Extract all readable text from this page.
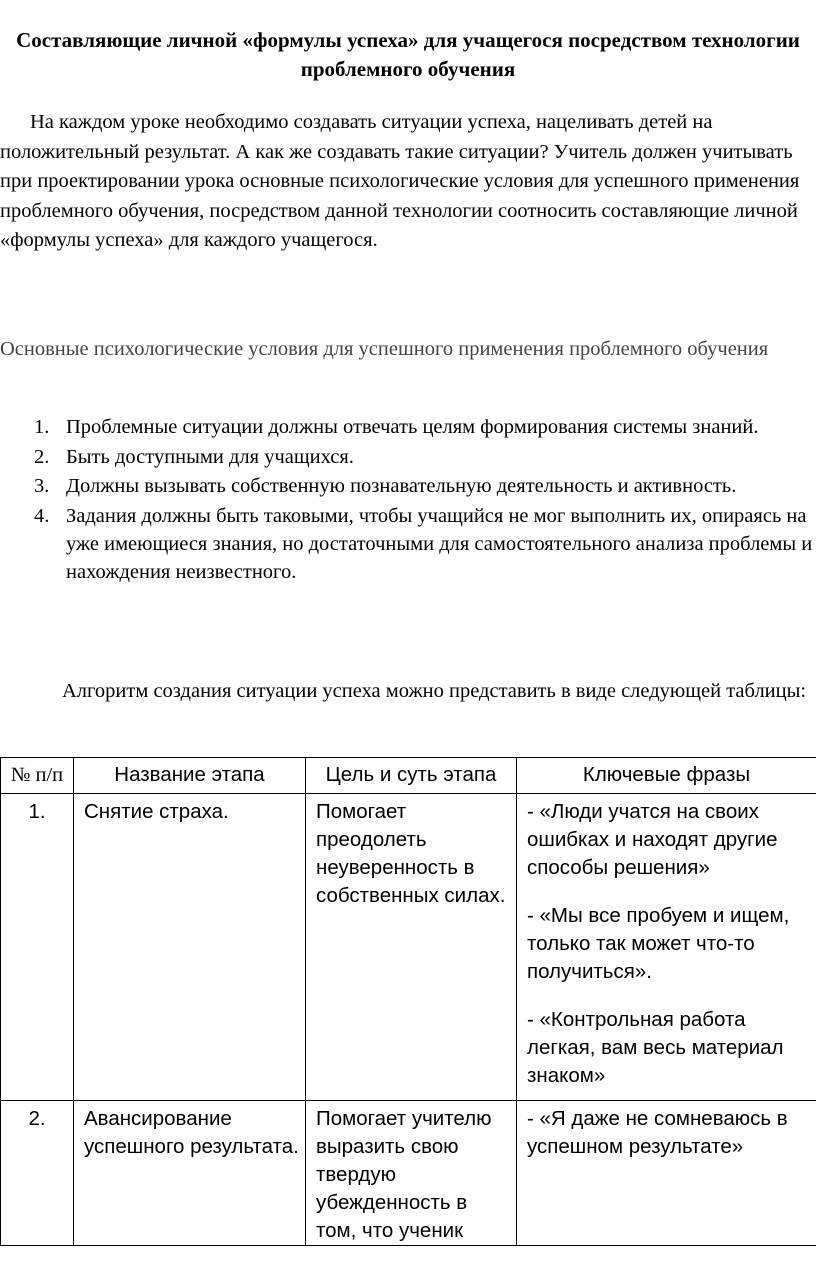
Составляющие личной «формулы успеха» для учащегося посредством технологии проблемного обучения

На каждом уроке необходимо создавать ситуации успеха, нацеливать детей на положительный результат. А как же создавать такие ситуации? Учитель должен учитывать при проектировании урока основные психологические условия для успешного применения проблемного обучения, посредством данной технологии соотносить составляющие личной «формулы успеха» для каждого учащегося.

Основные психологические условия для успешного применения проблемного обучения

1. Проблемные ситуации должны отвечать целям формирования системы знаний.
2. Быть доступными для учащихся.
3. Должны вызывать собственную познавательную деятельность и активность.
4. Задания должны быть таковыми, чтобы учащийся не мог выполнить их, опираясь на уже имеющиеся знания, но достаточными для самостоятельного анализа проблемы и нахождения неизвестного.

Алгоритм создания ситуации успеха можно представить в виде следующей таблицы:

№ п/п	Название этапа	Цель и суть этапа	Ключевые фразы
1.	Снятие страха.	Помогает преодолеть неуверенность в собственных силах.	- «Люди учатся на своих ошибках и находят другие способы решения»

- «Мы все пробуем и ищем, только так может что-то получиться».

- «Контрольная работа легкая, вам весь материал знаком»

2.	Авансирование успешного результата.	Помогает учителю выразить свою твердую убежденность в том, что ученик	- «Я даже не сомневаюсь в успешном результате»
